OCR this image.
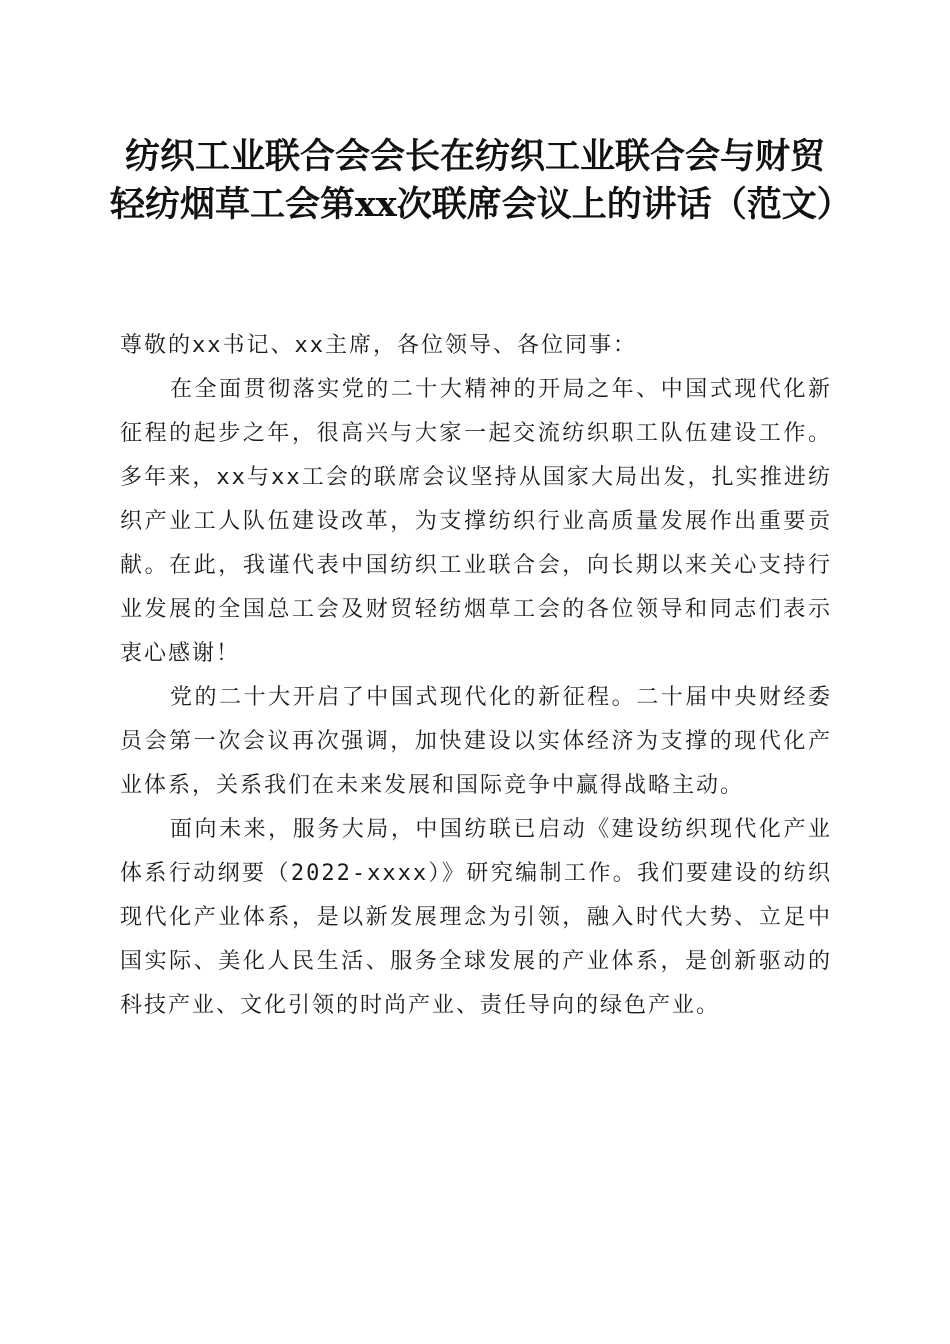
纺织工业联合会会长在纺织工业联合会与财贸轻纺烟草工会第xx次联席会议上的讲话（范文）

尊敬的xx书记、xx主席，各位领导、各位同事：

在全面贯彻落实党的二十大精神的开局之年、中国式现代化新征程的起步之年，很高兴与大家一起交流纺织职工队伍建设工作。多年来，xx与xx工会的联席会议坚持从国家大局出发，扎实推进纺织产业工人队伍建设改革，为支撑纺织行业高质量发展作出重要贡献。在此，我谨代表中国纺织工业联合会，向长期以来关心支持行业发展的全国总工会及财贸轻纺烟草工会的各位领导和同志们表示衷心感谢！

党的二十大开启了中国式现代化的新征程。二十届中央财经委员会第一次会议再次强调，加快建设以实体经济为支撑的现代化产业体系，关系我们在未来发展和国际竞争中赢得战略主动。

面向未来，服务大局，中国纺联已启动《建设纺织现代化产业体系行动纲要（2022-xxxx）》研究编制工作。我们要建设的纺织现代化产业体系，是以新发展理念为引领，融入时代大势、立足中国实际、美化人民生活、服务全球发展的产业体系，是创新驱动的科技产业、文化引领的时尚产业、责任导向的绿色产业。
